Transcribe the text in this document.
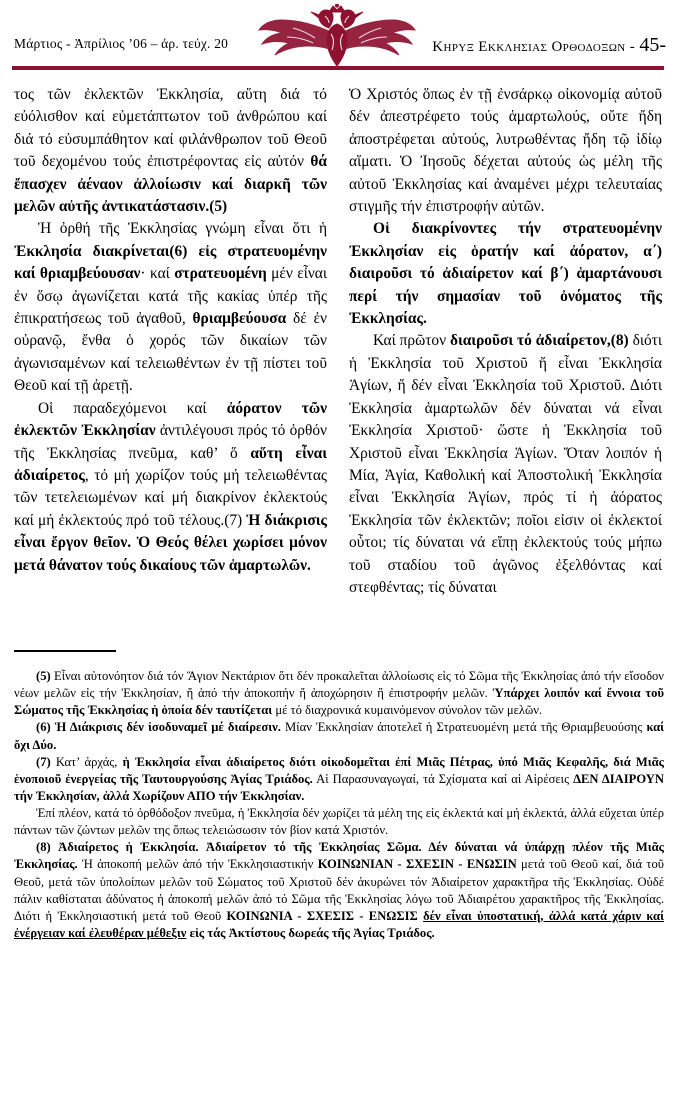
Μάρτιος - Ἀπρίλιος ’06 – ἀρ. τεύχ. 20	Κηρυξ Εκκλησιας Ορθοδοξων - 45-

τος τῶν ἐκλεκτῶν Ἐκκλησία, αὕτη διά τό εὐόλισθον καί εὐμετάπτωτον τοῦ ἀνθρώπου καί διά τό εὐσυμπάθητον καί φιλάνθρωπον τοῦ Θεοῦ τοῦ δεχομένου τούς ἐπιστρέφοντας εἰς αὐτόν θά ἔπασχεν ἀέναον ἀλλοίωσιν καί διαρκῆ τῶν μελῶν αὐτῆς ἀντικατάστασιν.(5)

Ἡ ὀρθή τῆς Ἐκκλησίας γνώμη εἶναι ὅτι ἡ Ἐκκλησία διακρίνεται(6) εἰς στρατευομένην καί θριαμβεύουσαν· καί στρατευομένη μέν εἶναι ἐν ὅσῳ ἀγωνίζεται κατά τῆς κακίας ὑπέρ τῆς ἐπικρατήσεως τοῦ ἀγαθοῦ, θριαμβεύουσα δέ ἐν οὐρανῷ, ἔνθα ὁ χορός τῶν δικαίων τῶν ἀγωνισαμένων καί τελειωθέντων ἐν τῇ πίστει τοῦ Θεοῦ καί τῇ ἀρετῇ.

Οἱ παραδεχόμενοι καί ἀόρατον τῶν ἐκλεκτῶν Ἐκκλησίαν ἀντιλέγουσι πρός τό ὀρθόν τῆς Ἐκκλησίας πνεῦμα, καθ’ ὅ αὕτη εἶναι ἀδιαίρετος, τό μή χωρίζον τούς μή τελειωθέντας τῶν τετελειωμένων καί μή διακρίνον ἐκλεκτούς καί μή ἐκλεκτούς πρό τοῦ τέλους.(7) Ἡ διάκρισις εἶναι ἔργον θεῖον. Ὁ Θεός θέλει χωρίσει μόνον μετά θάνατον τούς δικαίους τῶν ἁμαρτωλῶν.

Ὁ Χριστός ὅπως ἐν τῇ ἐνσάρκῳ οἰκονομίᾳ αὐτοῦ δέν ἀπεστρέφετο τούς ἁμαρτωλούς, οὔτε ἤδη ἀποστρέφεται αὐτούς, λυτρωθέντας ἤδη τῷ ἰδίῳ αἵματι. Ὁ Ἰησοῦς δέχεται αὐτούς ὡς μέλη τῆς αὐτοῦ Ἐκκλησίας καί ἀναμένει μέχρι τελευταίας στιγμῆς τήν ἐπιστροφήν αὐτῶν.

Οἱ διακρίνοντες τήν στρατευομένην Ἐκκλησίαν εἰς ὁρατήν καί ἀόρατον, α΄) διαιροῦσι τό ἀδιαίρετον καί β΄) ἁμαρτάνουσι περί τήν σημασίαν τοῦ ὀνόματος τῆς Ἐκκλησίας.

Καί πρῶτον διαιροῦσι τό ἀδιαίρετον,(8) διότι ἡ Ἐκκλησία τοῦ Χριστοῦ ἤ εἶναι Ἐκκλησία Ἁγίων, ἤ δέν εἶναι Ἐκκλησία τοῦ Χριστοῦ. Διότι Ἐκκλησία ἁμαρτωλῶν δέν δύναται νά εἶναι Ἐκκλησία Χριστοῦ· ὥστε ἡ Ἐκκλησία τοῦ Χριστοῦ εἶναι Ἐκκλησία Ἁγίων. Ὅταν λοιπόν ἡ Μία, Ἁγία, Καθολική καί Ἀποστολική Ἐκκλησία εἶναι Ἐκκλησία Ἁγίων, πρός τί ἡ ἀόρατος Ἐκκλησία τῶν ἐκλεκτῶν; ποῖοι εἰσιν οἱ ἐκλεκτοί οὗτοι; τίς δύναται νά εἴπῃ ἐκλεκτούς τούς μήπω τοῦ σταδίου τοῦ ἀγῶνος ἐξελθόντας καί στεφθέντας; τίς δύναται

(5) Εἶναι αὐτονόητον διά τόν Ἅγιον Νεκτάριον ὅτι δέν προκαλεῖται ἀλλοίωσις εἰς τό Σῶμα τῆς Ἐκκλησίας ἀπό τήν εἴσοδον νέων μελῶν εἰς τήν Ἐκκλησίαν, ἤ ἀπό τήν ἀποκοπήν ἤ ἀποχώρησιν ἤ ἐπιστροφήν μελῶν. Ὑπάρχει λοιπόν καί ἔννοια τοῦ Σώματος τῆς Ἐκκλησίας ἡ ὁποία δέν ταυτίζεται μέ τό διαχρονικά κυμαινόμενον σύνολον τῶν μελῶν.

(6) Ἡ Διάκρισις δέν ἰσοδυναμεῖ μέ διαίρεσιν. Μίαν Ἐκκλησίαν ἀποτελεῖ ἡ Στρατευομένη μετά τῆς Θριαμβευούσης καί ὄχι Δύο.

(7) Κατ’ ἀρχάς, ἡ Ἐκκλησία εἶναι ἀδιαίρετος διότι οἰκοδομεῖται ἐπί Μιᾶς Πέτρας, ὑπό Μιᾶς Κεφαλῆς, διά Μιᾶς ἑνοποιοῦ ἐνεργείας τῆς Ταυτουργούσης Ἁγίας Τριάδος. Αἱ Παρασυναγωγαί, τά Σχίσματα καί αἱ Αἱρέσεις ΔΕΝ ΔΙΑΙΡΟΥΝ τήν Ἐκκλησίαν, ἀλλά Χωρίζουν ΑΠΟ τήν Ἐκκλησίαν.

Ἐπί πλέον, κατά τό ὀρθόδοξον πνεῦμα, ἡ Ἐκκλησία δέν χωρίζει τά μέλη της εἰς ἐκλεκτά καί μή ἐκλεκτά, ἀλλά εὔχεται ὑπέρ πάντων τῶν ζώντων μελῶν της ὅπως τελειώσωσιν τόν βίον κατά Χριστόν.

(8) Ἀδιαίρετος ἡ Ἐκκλησία. Ἀδιαίρετον τό τῆς Ἐκκλησίας Σῶμα. Δέν δύναται νά ὑπάρχῃ πλέον τῆς Μιᾶς Ἐκκλησίας. Ἡ ἀποκοπή μελῶν ἀπό τήν Ἐκκλησιαστικήν ΚΟΙΝΩΝΙΑΝ - ΣΧΕΣΙΝ - ΕΝΩΣΙΝ μετά τοῦ Θεοῦ καί, διά τοῦ Θεοῦ, μετά τῶν ὑπολοίπων μελῶν τοῦ Σώματος τοῦ Χριστοῦ δέν ἀκυρώνει τόν Ἀδιαίρετον χαρακτῆρα τῆς Ἐκκλησίας. Οὐδέ πάλιν καθίσταται ἀδύνατος ἡ ἀποκοπή μελῶν ἀπό τό Σῶμα τῆς Ἐκκλησίας λόγω τοῦ Ἀδιαιρέτου χαρακτῆρος τῆς Ἐκκλησίας. Διότι ἡ Ἐκκλησιαστική μετά τοῦ Θεοῦ ΚΟΙΝΩΝΙΑ - ΣΧΕΣΙΣ - ΕΝΩΣΙΣ δέν εἶναι ὑποστατική, ἀλλά κατά χάριν καί ἐνέργειαν καί ἐλευθέραν μέθεξιν εἰς τάς Ἀκτίστους δωρεάς τῆς Ἁγίας Τριάδος.
